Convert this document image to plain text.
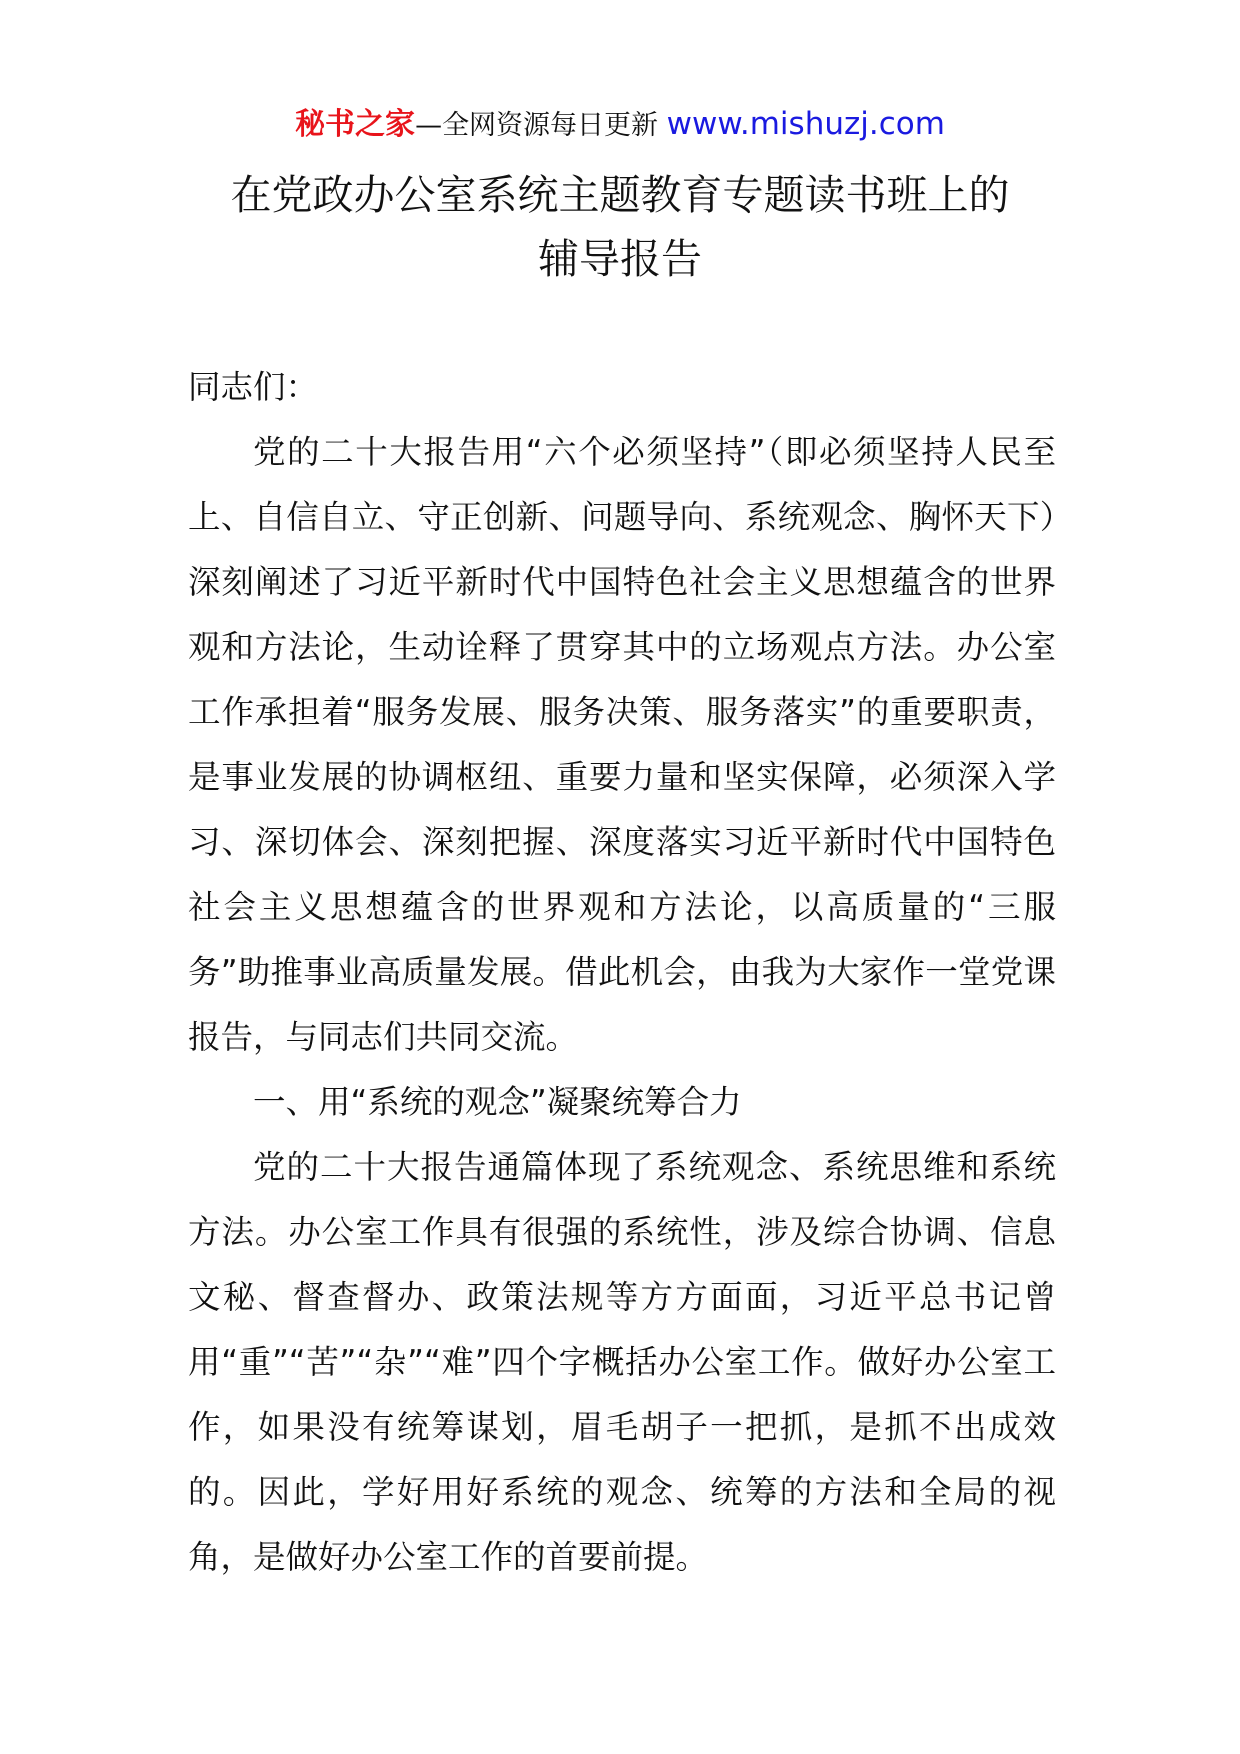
秘书之家—全网资源每日更新 www.mishuzj.com
在党政办公室系统主题教育专题读书班上的
辅导报告

同志们：

党的二十大报告用“六个必须坚持”（即必须坚持人民至上、自信自立、守正创新、问题导向、系统观念、胸怀天下）深刻阐述了习近平新时代中国特色社会主义思想蕴含的世界观和方法论，生动诠释了贯穿其中的立场观点方法。办公室工作承担着“服务发展、服务决策、服务落实”的重要职责，是事业发展的协调枢纽、重要力量和坚实保障，必须深入学习、深切体会、深刻把握、深度落实习近平新时代中国特色社会主义思想蕴含的世界观和方法论，以高质量的“三服务”助推事业高质量发展。借此机会，由我为大家作一堂党课报告，与同志们共同交流。

一、用“系统的观念”凝聚统筹合力

党的二十大报告通篇体现了系统观念、系统思维和系统方法。办公室工作具有很强的系统性，涉及综合协调、信息文秘、督查督办、政策法规等方方面面，习近平总书记曾用“重”“苦”“杂”“难”四个字概括办公室工作。做好办公室工作，如果没有统筹谋划，眉毛胡子一把抓，是抓不出成效的。因此，学好用好系统的观念、统筹的方法和全局的视角，是做好办公室工作的首要前提。
